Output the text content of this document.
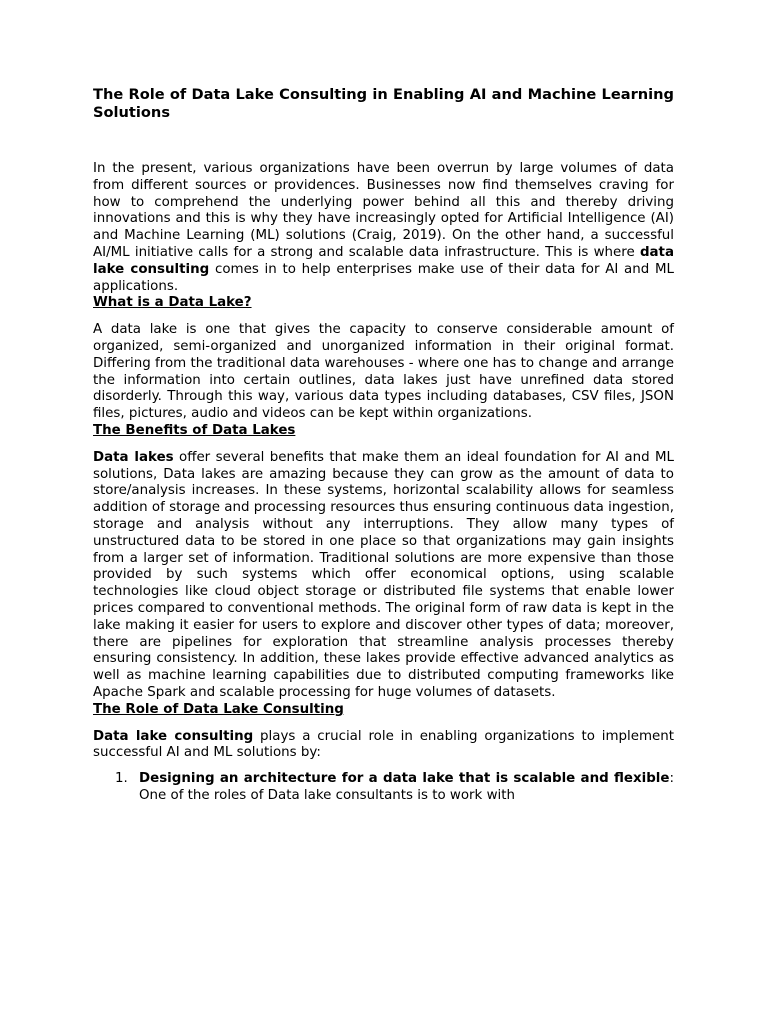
The Role of Data Lake Consulting in Enabling AI and Machine Learning Solutions

In the present, various organizations have been overrun by large volumes of data from different sources or providences. Businesses now find themselves craving for how to comprehend the underlying power behind all this and thereby driving innovations and this is why they have increasingly opted for Artificial Intelligence (AI) and Machine Learning (ML) solutions (Craig, 2019). On the other hand, a successful AI/ML initiative calls for a strong and scalable data infrastructure. This is where data lake consulting comes in to help enterprises make use of their data for AI and ML applications.

What is a Data Lake?

A data lake is one that gives the capacity to conserve considerable amount of organized, semi-organized and unorganized information in their original format. Differing from the traditional data warehouses - where one has to change and arrange the information into certain outlines, data lakes just have unrefined data stored disorderly. Through this way, various data types including databases, CSV files, JSON files, pictures, audio and videos can be kept within organizations.

The Benefits of Data Lakes

Data lakes offer several benefits that make them an ideal foundation for AI and ML solutions, Data lakes are amazing because they can grow as the amount of data to store/analysis increases. In these systems, horizontal scalability allows for seamless addition of storage and processing resources thus ensuring continuous data ingestion, storage and analysis without any interruptions. They allow many types of unstructured data to be stored in one place so that organizations may gain insights from a larger set of information. Traditional solutions are more expensive than those provided by such systems which offer economical options, using scalable technologies like cloud object storage or distributed file systems that enable lower prices compared to conventional methods. The original form of raw data is kept in the lake making it easier for users to explore and discover other types of data; moreover, there are pipelines for exploration that streamline analysis processes thereby ensuring consistency. In addition, these lakes provide effective advanced analytics as well as machine learning capabilities due to distributed computing frameworks like Apache Spark and scalable processing for huge volumes of datasets.

The Role of Data Lake Consulting

Data lake consulting plays a crucial role in enabling organizations to implement successful AI and ML solutions by:

1. Designing an architecture for a data lake that is scalable and flexible: One of the roles of Data lake consultants is to work with
